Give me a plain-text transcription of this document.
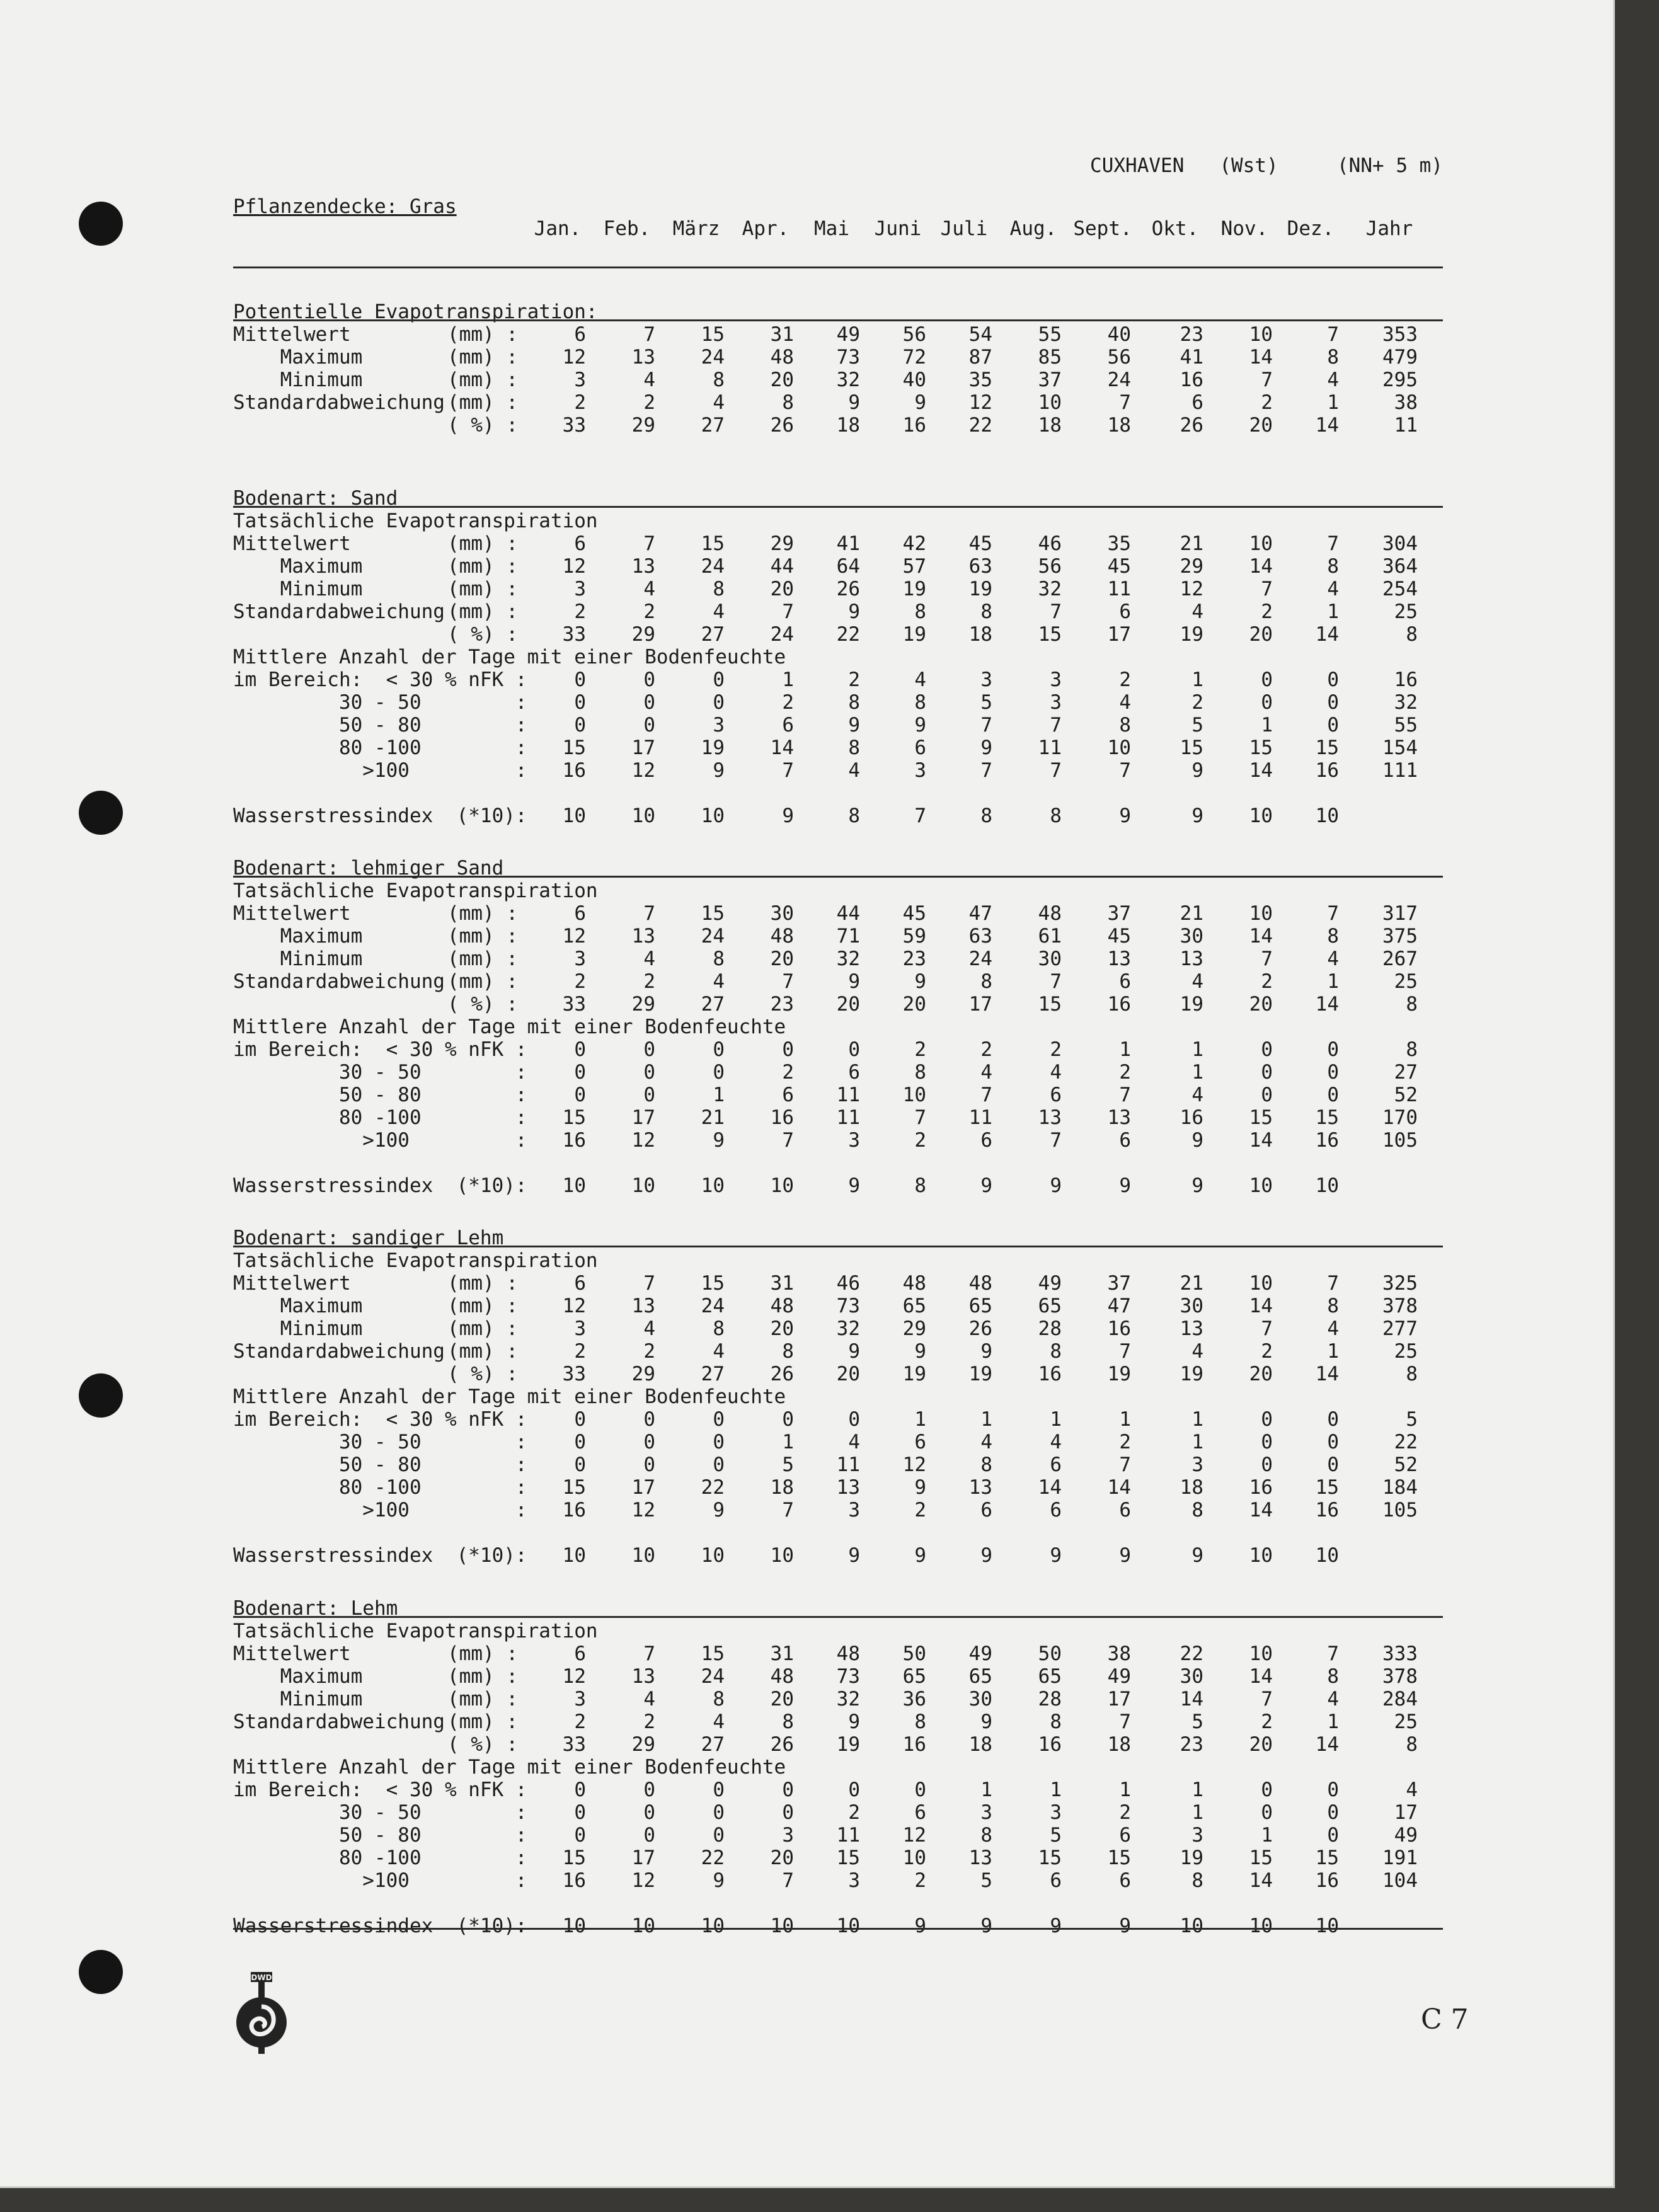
CUXHAVEN (Wst)	(NN+ 5 m)
Pflanzendecke: Gras
Jan.	Feb.	März	Apr.	Mai	Juni Juli	Aug. Sept.	Okt.	Nov. Dez.	Jahr
Potentielle Evapotranspiration:
Mittelwert	(mm) :	6	7	15	31	49	56	54	55	40	23	10	7	353
Maximum	(mm) :	12	13	24	48	73	72	87	85	56	41	14	8	479
Minimum	(mm) :	3	4	8	20	32	40	35	37	24	16	7	4	295
Standardabweichung (mm) :	2	2	4	8	9	9	12	10	7	6	2	1	38
( %) :	33	29	27	26	18	16	22	18	18	26	20	14	11
Bodenart: Sand
Tatsächliche Evapotranspiration
Mittelwert	(mm) :	6	7	15	29	41	42	45	46	35	21	10	7	304
Maximum	(mm) :	12	13	24	44	64	57	63	56	45	29	14	8	364
Minimum	(mm) :	3	4	8	20	26	19	19	32	11	12	7	4	254
Standardabweichung (mm) :	2	2	4	7	9	8	8	7	6	4	2	1	25
( %) :	33	29	27	24	22	19	18	15	17	19	20	14	8
Mittlere Anzahl der Tage mit einer Bodenfeuchte
im Bereich:  < 30 % nFK :	0	0	0	1	2	4	3	3	2	1	0	0	16
30 - 50        :	0	0	0	2	8	8	5	3	4	2	0	0	32
50 - 80        :	0	0	3	6	9	9	7	7	8	5	1	0	55
80 -100        :	15	17	19	14	8	6	9	11	10	15	15	15	154
>100         :	16	12	9	7	4	3	7	7	7	9	14	16	111
Wasserstressindex  (*10):	10	10	10	9	8	7	8	8	9	9	10	10
Bodenart: lehmiger Sand
Tatsächliche Evapotranspiration
Mittelwert	(mm) :	6	7	15	30	44	45	47	48	37	21	10	7	317
Maximum	(mm) :	12	13	24	48	71	59	63	61	45	30	14	8	375
Minimum	(mm) :	3	4	8	20	32	23	24	30	13	13	7	4	267
Standardabweichung (mm) :	2	2	4	7	9	9	8	7	6	4	2	1	25
( %) :	33	29	27	23	20	20	17	15	16	19	20	14	8
Mittlere Anzahl der Tage mit einer Bodenfeuchte
im Bereich:  < 30 % nFK :	0	0	0	0	0	2	2	2	1	1	0	0	8
30 - 50        :	0	0	0	2	6	8	4	4	2	1	0	0	27
50 - 80        :	0	0	1	6	11	10	7	6	7	4	0	0	52
80 -100        :	15	17	21	16	11	7	11	13	13	16	15	15	170
>100         :	16	12	9	7	3	2	6	7	6	9	14	16	105
Wasserstressindex  (*10):	10	10	10	10	9	8	9	9	9	9	10	10
Bodenart: sandiger Lehm
Tatsächliche Evapotranspiration
Mittelwert	(mm) :	6	7	15	31	46	48	48	49	37	21	10	7	325
Maximum	(mm) :	12	13	24	48	73	65	65	65	47	30	14	8	378
Minimum	(mm) :	3	4	8	20	32	29	26	28	16	13	7	4	277
Standardabweichung (mm) :	2	2	4	8	9	9	9	8	7	4	2	1	25
( %) :	33	29	27	26	20	19	19	16	19	19	20	14	8
Mittlere Anzahl der Tage mit einer Bodenfeuchte
im Bereich:  < 30 % nFK :	0	0	0	0	0	1	1	1	1	1	0	0	5
30 - 50        :	0	0	0	1	4	6	4	4	2	1	0	0	22
50 - 80        :	0	0	0	5	11	12	8	6	7	3	0	0	52
80 -100        :	15	17	22	18	13	9	13	14	14	18	16	15	184
>100         :	16	12	9	7	3	2	6	6	6	8	14	16	105
Wasserstressindex  (*10):	10	10	10	10	9	9	9	9	9	9	10	10
Bodenart: Lehm
Tatsächliche Evapotranspiration
Mittelwert	(mm) :	6	7	15	31	48	50	49	50	38	22	10	7	333
Maximum	(mm) :	12	13	24	48	73	65	65	65	49	30	14	8	378
Minimum	(mm) :	3	4	8	20	32	36	30	28	17	14	7	4	284
Standardabweichung (mm) :	2	2	4	8	9	8	9	8	7	5	2	1	25
( %) :	33	29	27	26	19	16	18	16	18	23	20	14	8
Mittlere Anzahl der Tage mit einer Bodenfeuchte
im Bereich:  < 30 % nFK :	0	0	0	0	0	0	1	1	1	1	0	0	4
30 - 50        :	0	0	0	0	2	6	3	3	2	1	0	0	17
50 - 80        :	0	0	0	3	11	12	8	5	6	3	1	0	49
80 -100        :	15	17	22	20	15	10	13	15	15	19	15	15	191
>100         :	16	12	9	7	3	2	5	6	6	8	14	16	104
Wasserstressindex  (*10):	10	10	10	10	10	9	9	9	9	10	10	10
DWD
C 7
